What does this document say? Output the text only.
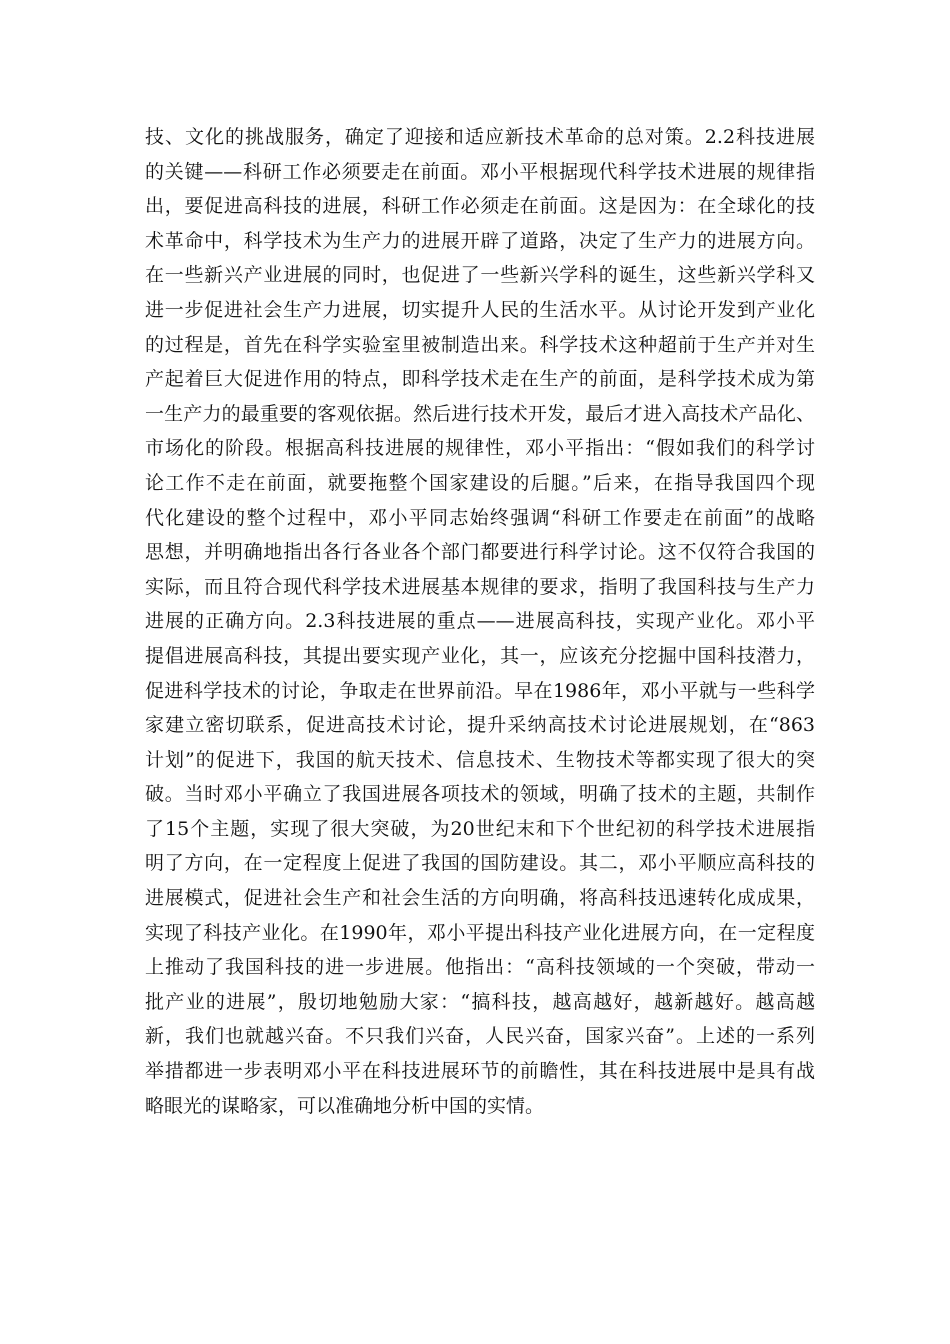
技、文化的挑战服务，确定了迎接和适应新技术革命的总对策。2.2科技进展
的关键——科研工作必须要走在前面。邓小平根据现代科学技术进展的规律指
出，要促进高科技的进展，科研工作必须走在前面。这是因为：在全球化的技
术革命中，科学技术为生产力的进展开辟了道路，决定了生产力的进展方向。
在一些新兴产业进展的同时，也促进了一些新兴学科的诞生，这些新兴学科又
进一步促进社会生产力进展，切实提升人民的生活水平。从讨论开发到产业化
的过程是，首先在科学实验室里被制造出来。科学技术这种超前于生产并对生
产起着巨大促进作用的特点，即科学技术走在生产的前面，是科学技术成为第
一生产力的最重要的客观依据。然后进行技术开发，最后才进入高技术产品化、
市场化的阶段。根据高科技进展的规律性，邓小平指出：“假如我们的科学讨
论工作不走在前面，就要拖整个国家建设的后腿。”后来，在指导我国四个现
代化建设的整个过程中，邓小平同志始终强调“科研工作要走在前面”的战略
思想，并明确地指出各行各业各个部门都要进行科学讨论。这不仅符合我国的
实际，而且符合现代科学技术进展基本规律的要求，指明了我国科技与生产力
进展的正确方向。2.3科技进展的重点——进展高科技，实现产业化。邓小平
提倡进展高科技，其提出要实现产业化，其一，应该充分挖掘中国科技潜力，
促进科学技术的讨论，争取走在世界前沿。早在1986年，邓小平就与一些科学
家建立密切联系，促进高技术讨论，提升采纳高技术讨论进展规划，在“863
计划”的促进下，我国的航天技术、信息技术、生物技术等都实现了很大的突
破。当时邓小平确立了我国进展各项技术的领域，明确了技术的主题，共制作
了15个主题，实现了很大突破，为20世纪末和下个世纪初的科学技术进展指
明了方向，在一定程度上促进了我国的国防建设。其二，邓小平顺应高科技的
进展模式，促进社会生产和社会生活的方向明确，将高科技迅速转化成成果，
实现了科技产业化。在1990年，邓小平提出科技产业化进展方向，在一定程度
上推动了我国科技的进一步进展。他指出：“高科技领域的一个突破，带动一
批产业的进展”，殷切地勉励大家：“搞科技，越高越好，越新越好。越高越
新，我们也就越兴奋。不只我们兴奋，人民兴奋，国家兴奋”。上述的一系列
举措都进一步表明邓小平在科技进展环节的前瞻性，其在科技进展中是具有战
略眼光的谋略家，可以准确地分析中国的实情。
